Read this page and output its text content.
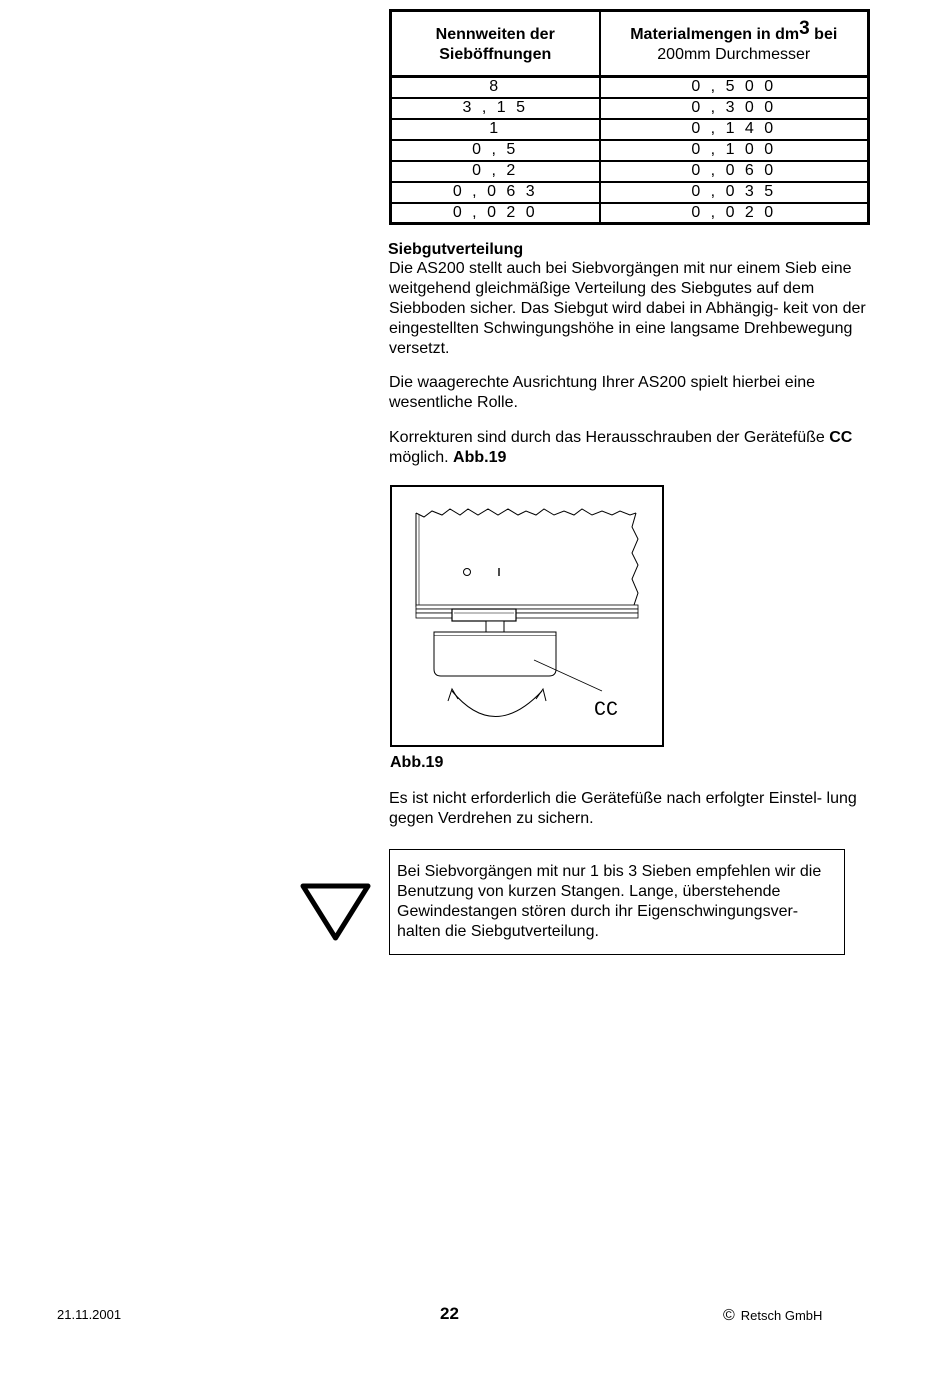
Nennweiten der
Sieböffnungen	Materialmengen in $dm^3$ bei
200mm Durchmesser
8	0 , 5 0 0
3 , 1 5	0 , 3 0 0
1	0 , 1 4 0
0 , 5	0 , 1 0 0
0 , 2	0 , 0 6 0
0 , 0 6 3	0 , 0 3 5
0 , 0 2 0	0 , 0 2 0
Siebgutverteilung

Die AS200 stellt auch bei Siebvorgängen mit nur einem Sieb eine weitgehend gleichmäßige Verteilung des Siebgutes auf dem Siebboden sicher. Das Siebgut wird dabei in Abhängig- keit von der eingestellten Schwingungshöhe in eine langsame Drehbewegung versetzt.

Die waagerechte Ausrichtung Ihrer AS200 spielt hierbei eine wesentliche Rolle.

Korrekturen sind durch das Herausschrauben der Gerätefüße CC möglich. Abb.19

CC
Abb.19

Es ist nicht erforderlich die Gerätefüße nach erfolgter Einstel- lung gegen Verdrehen zu sichern.

Bei Siebvorgängen mit nur 1 bis 3 Sieben empfehlen wir die Benutzung von kurzen Stangen. Lange, überstehende Gewindestangen stören durch ihr Eigenschwingungsver- halten die Siebgutverteilung.
21.11.2001	22	© Retsch GmbH
